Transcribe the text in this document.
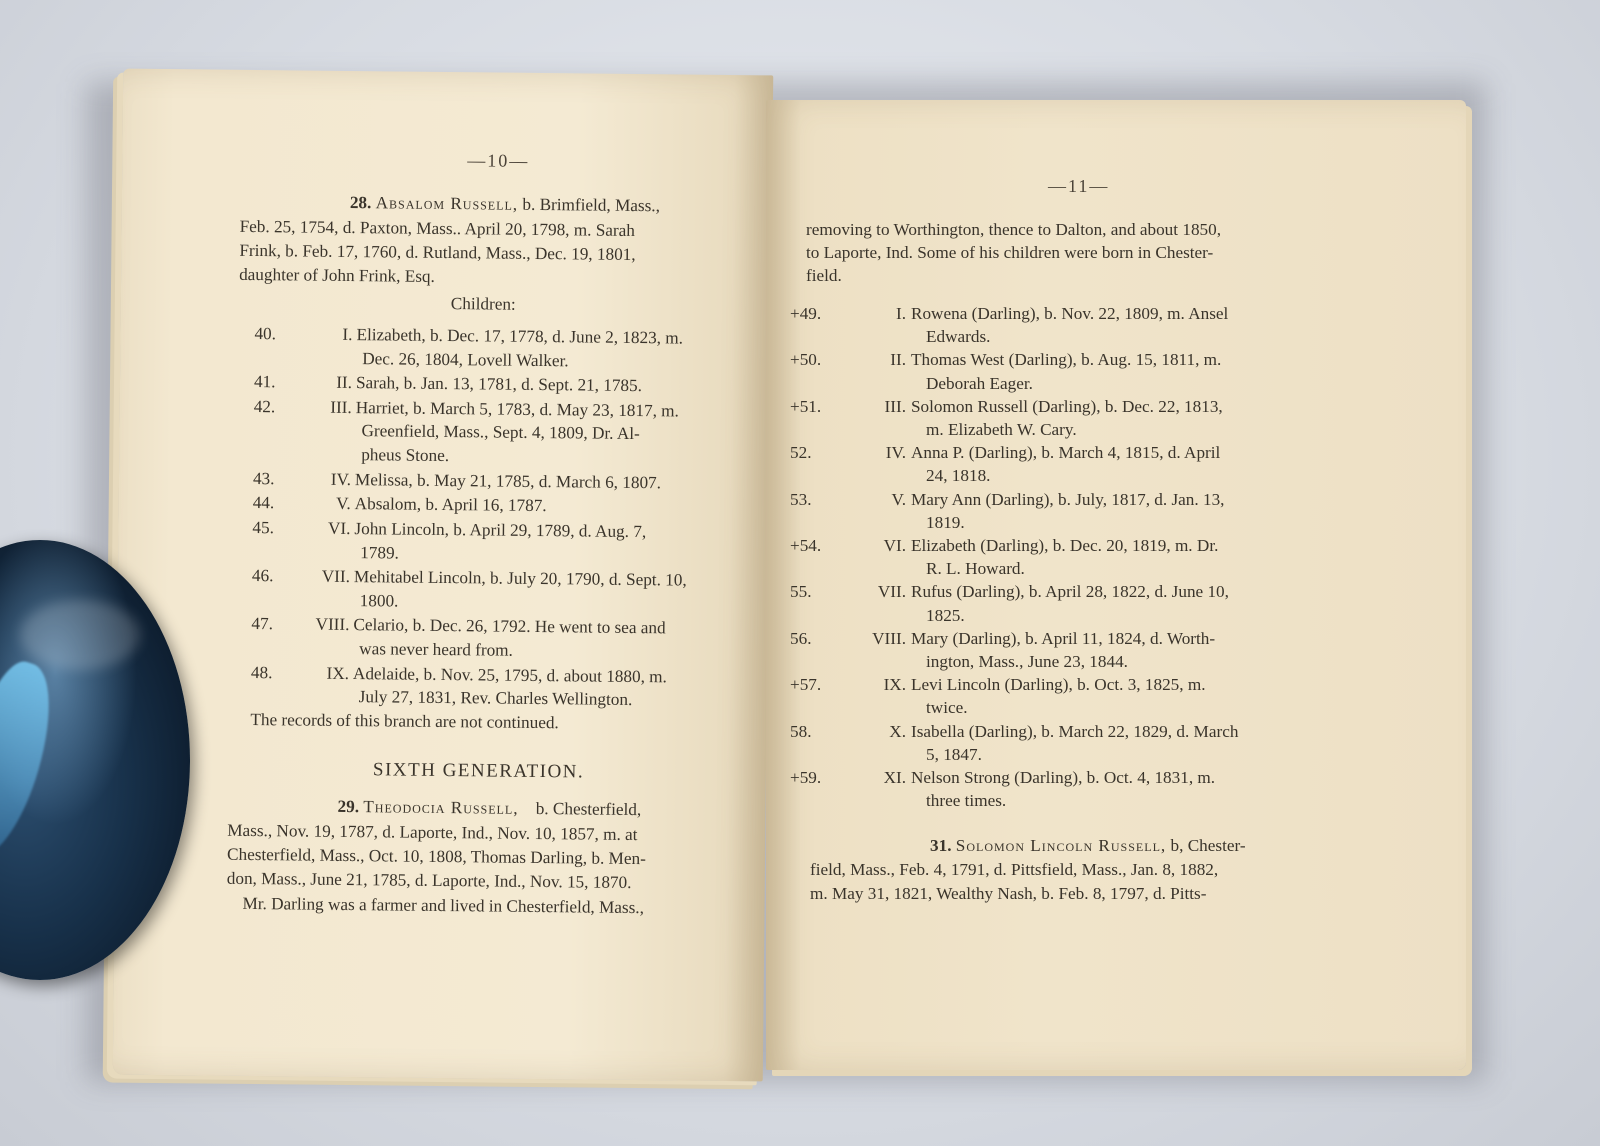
—10—
28. Absalom Russell, b. Brimfield, Mass.,
Feb. 25, 1754, d. Paxton, Mass.. April 20, 1798, m. Sarah
Frink, b. Feb. 17, 1760, d. Rutland, Mass., Dec. 19, 1801,
daughter of John Frink, Esq.
Children:
40.	I. Elizabeth, b. Dec. 17, 1778, d. June 2, 1823, m.
Dec. 26, 1804, Lovell Walker.
41.	II. Sarah, b. Jan. 13, 1781, d. Sept. 21, 1785.
42.	III. Harriet, b. March 5, 1783, d. May 23, 1817, m.
Greenfield, Mass., Sept. 4, 1809, Dr. Al-
pheus Stone.
43.	IV. Melissa, b. May 21, 1785, d. March 6, 1807.
44.	V. Absalom, b. April 16, 1787.
45.	VI. John Lincoln, b. April 29, 1789, d. Aug. 7,
1789.
46.	VII. Mehitabel Lincoln, b. July 20, 1790, d. Sept. 10,
1800.
47.	VIII. Celario, b. Dec. 26, 1792. He went to sea and
was never heard from.
48.	IX. Adelaide, b. Nov. 25, 1795, d. about 1880, m.
July 27, 1831, Rev. Charles Wellington.
The records of this branch are not continued.
SIXTH GENERATION.
29. Theodocia Russell, b. Chesterfield,
Mass., Nov. 19, 1787, d. Laporte, Ind., Nov. 10, 1857, m. at
Chesterfield, Mass., Oct. 10, 1808, Thomas Darling, b. Men-
don, Mass., June 21, 1785, d. Laporte, Ind., Nov. 15, 1870.
Mr. Darling was a farmer and lived in Chesterfield, Mass.,
—11—
removing to Worthington, thence to Dalton, and about 1850,
to Laporte, Ind. Some of his children were born in Chester-
field.
+49.	I. Rowena (Darling), b. Nov. 22, 1809, m. Ansel
Edwards.
+50.	II. Thomas West (Darling), b. Aug. 15, 1811, m.
Deborah Eager.
+51.	III. Solomon Russell (Darling), b. Dec. 22, 1813,
m. Elizabeth W. Cary.
52.	IV. Anna P. (Darling), b. March 4, 1815, d. April
24, 1818.
53.	V. Mary Ann (Darling), b. July, 1817, d. Jan. 13,
1819.
+54.	VI. Elizabeth (Darling), b. Dec. 20, 1819, m. Dr.
R. L. Howard.
55.	VII. Rufus (Darling), b. April 28, 1822, d. June 10,
1825.
56.	VIII. Mary (Darling), b. April 11, 1824, d. Worth-
ington, Mass., June 23, 1844.
+57.	IX. Levi Lincoln (Darling), b. Oct. 3, 1825, m.
twice.
58.	X. Isabella (Darling), b. March 22, 1829, d. March
5, 1847.
+59.	XI. Nelson Strong (Darling), b. Oct. 4, 1831, m.
three times.
31. Solomon Lincoln Russell, b, Chester-
field, Mass., Feb. 4, 1791, d. Pittsfield, Mass., Jan. 8, 1882,
m. May 31, 1821, Wealthy Nash, b. Feb. 8, 1797, d. Pitts-
